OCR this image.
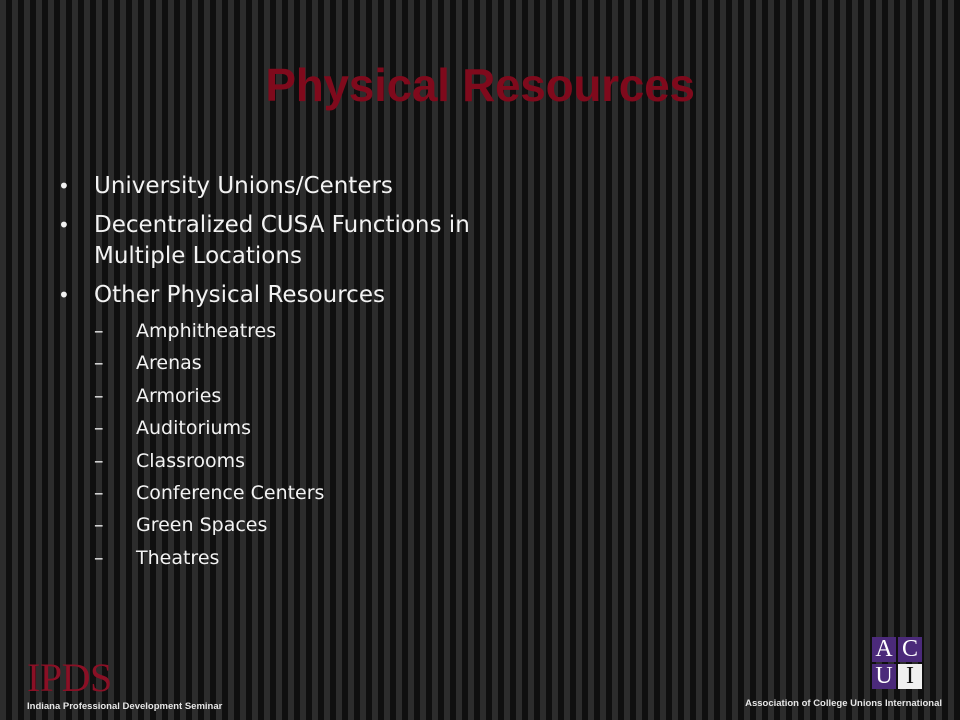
Physical Resources
• University Unions/Centers
• Decentralized CUSA Functions in
Multiple Locations
• Other Physical Resources
– Amphitheatres
– Arenas
– Armories
– Auditoriums
– Classrooms
– Conference Centers
– Green Spaces
– Theatres
IPDS
Indiana Professional Development Seminar
A C
U I
Association of College Unions International
